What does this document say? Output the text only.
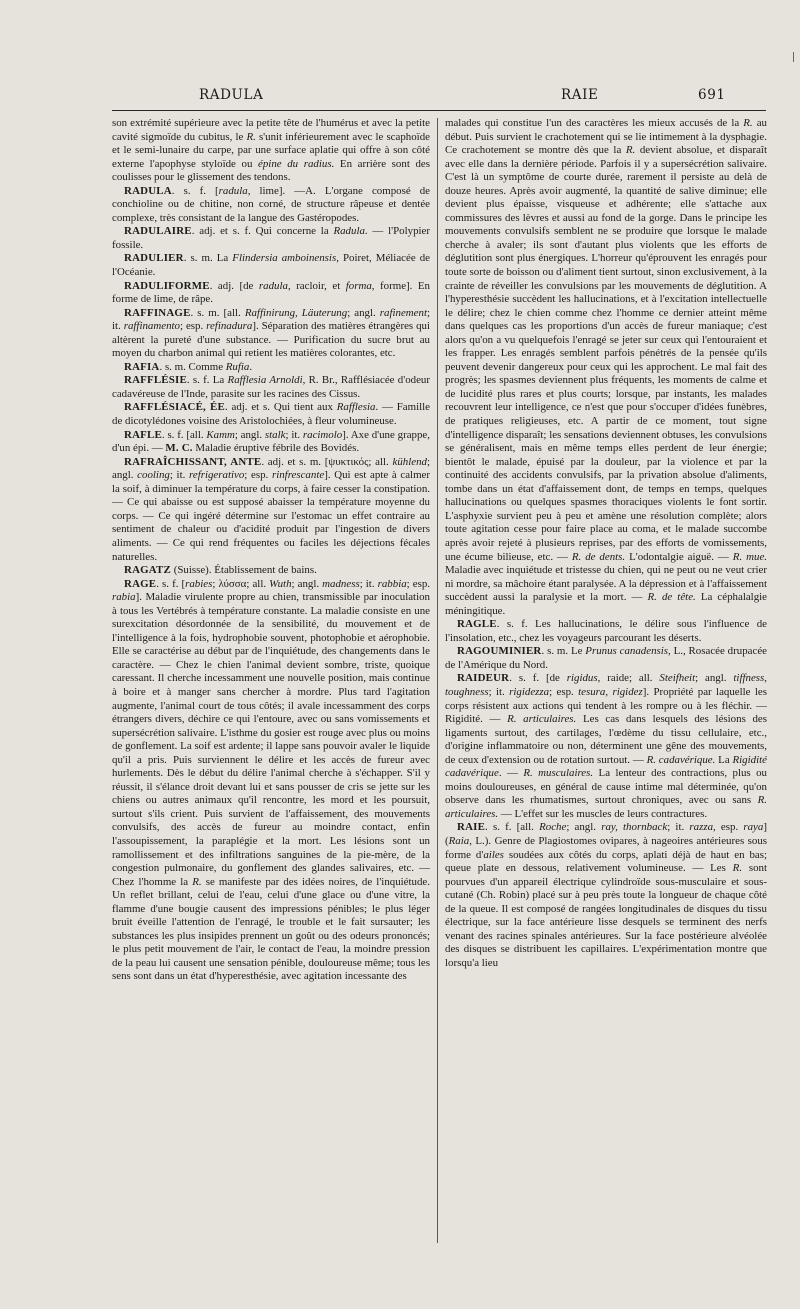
RADULA	RAIE	691

son extrémité supérieure avec la petite tête de l'humérus et avec la petite cavité sigmoïde du cubitus, le R. s'unit inférieurement avec le scaphoïde et le semi-lunaire du carpe, par une surface aplatie qui offre à son côté externe l'apophyse styloïde ou épine du radius. En arrière sont des coulisses pour le glissement des tendons.

RADULA. s. f. [radula, lime]. —A. L'organe composé de conchioline ou de chitine, non corné, de structure râpeuse et dentée complexe, très consistant de la langue des Gastéropodes.

RADULAIRE. adj. et s. f. Qui concerne la Radula. — l'Polypier fossile.

RADULIER. s. m. La Flindersia amboinensis, Poiret, Méliacée de l'Océanie.

RADULIFORME. adj. [de radula, racloir, et forma, forme]. En forme de lime, de râpe.

RAFFINAGE. s. m. [all. Raffinirung, Läuterung; angl. rafinement; it. raffinamento; esp. refinadura]. Séparation des matières étrangères qui altèrent la pureté d'une substance. — Purification du sucre brut au moyen du charbon animal qui retient les matières colorantes, etc.

RAFIA. s. m. Comme Rufia.

RAFFLÉSIE. s. f. La Rafflesia Arnoldi, R. Br., Rafflésiacée d'odeur cadavéreuse de l'Inde, parasite sur les racines des Cissus.

RAFFLÉSIACÉ, ÉE. adj. et s. Qui tient aux Rafflesia. — Famille de dicotylédones voisine des Aristolochiées, à fleur volumineuse.

RAFLE. s. f. [all. Kamm; angl. stalk; it. racimolo]. Axe d'une grappe, d'un épi. — M. C. Maladie éruptive fébrile des Bovidés.

RAFRAÎCHISSANT, ANTE. adj. et s. m. [ψυκτικός; all. kühlend; angl. cooling; it. refrigerativo; esp. rinfrescante]. Qui est apte à calmer la soif, à diminuer la température du corps, à faire cesser la constipation. — Ce qui abaisse ou est supposé abaisser la température moyenne du corps. — Ce qui ingéré détermine sur l'estomac un effet contraire au sentiment de chaleur ou d'acidité produit par l'ingestion de divers aliments. — Ce qui rend fréquentes ou faciles les déjections fécales naturelles.

RAGATZ (Suisse). Établissement de bains.

RAGE. s. f. [rabies; λύσσα; all. Wuth; angl. madness; it. rabbia; esp. rabia]. Maladie virulente propre au chien, transmissible par inoculation à tous les Vertébrés à température constante. La maladie consiste en une surexcitation désordonnée de la sensibilité, du mouvement et de l'intelligence à la fois, hydrophobie souvent, photophobie et aérophobie. Elle se caractérise au début par de l'inquiétude, des changements dans le caractère. — Chez le chien l'animal devient sombre, triste, quoique caressant. Il cherche incessamment une nouvelle position, mais continue à boire et à manger sans chercher à mordre. Plus tard l'agitation augmente, l'animal court de tous côtés; il avale incessamment des corps étrangers divers, déchire ce qui l'entoure, avec ou sans vomissements et supersécrétion salivaire. L'isthme du gosier est rouge avec plus ou moins de gonflement. La soif est ardente; il lappe sans pouvoir avaler le liquide qu'il a pris. Puis surviennent le délire et les accès de fureur avec hurlements. Dès le début du délire l'animal cherche à s'échapper. S'il y réussit, il s'élance droit devant lui et sans pousser de cris se jette sur les chiens ou autres animaux qu'il rencontre, les mord et les poursuit, surtout s'ils crient. Puis survient de l'affaissement, des mouvements convulsifs, des accès de fureur au moindre contact, enfin l'assoupissement, la paraplégie et la mort. Les lésions sont un ramollissement et des infiltrations sanguines de la pie-mère, de la congestion pulmonaire, du gonflement des glandes salivaires, etc. — Chez l'homme la R. se manifeste par des idées noires, de l'inquiétude. Un reflet brillant, celui de l'eau, celui d'une glace ou d'une vitre, la flamme d'une bougie causent des impressions pénibles; le plus léger bruit éveille l'attention de l'enragé, le trouble et le fait sursauter; les substances les plus insipides prennent un goût ou des odeurs prononcés; le plus petit mouvement de l'air, le contact de l'eau, la moindre pression de la peau lui causent une sensation pénible, douloureuse même; tous les sens sont dans un état d'hyperesthésie, avec agitation incessante des

malades qui constitue l'un des caractères les mieux accusés de la R. au début. Puis survient le crachotement qui se lie intimement à la dysphagie. Ce crachotement se montre dès que la R. devient absolue, et disparaît avec elle dans la dernière période. Parfois il y a supersécrétion salivaire. C'est là un symptôme de courte durée, rarement il persiste au delà de douze heures. Après avoir augmenté, la quantité de salive diminue; elle devient plus épaisse, visqueuse et adhérente; elle s'attache aux commissures des lèvres et aussi au fond de la gorge. Dans le principe les mouvements convulsifs semblent ne se produire que lorsque le malade cherche à avaler; ils sont d'autant plus violents que les efforts de déglutition sont plus énergiques. L'horreur qu'éprouvent les enragés pour toute sorte de boisson ou d'aliment tient surtout, sinon exclusivement, à la crainte de réveiller les convulsions par les mouvements de déglutition. A l'hyperesthésie succèdent les hallucinations, et à l'excitation intellectuelle le délire; chez le chien comme chez l'homme ce dernier atteint même dans quelques cas les proportions d'un accès de fureur maniaque; c'est alors qu'on a vu quelquefois l'enragé se jeter sur ceux qui l'entouraient et les frapper. Les enragés semblent parfois pénétrés de la pensée qu'ils peuvent devenir dangereux pour ceux qui les approchent. Le mal fait des progrès; les spasmes deviennent plus fréquents, les moments de calme et de lucidité plus rares et plus courts; lorsque, par instants, les malades recouvrent leur intelligence, ce n'est que pour s'occuper d'idées funèbres, de pratiques religieuses, etc. A partir de ce moment, tout signe d'intelligence disparaît; les sensations deviennent obtuses, les convulsions se généralisent, mais en même temps elles perdent de leur énergie; bientôt le malade, épuisé par la douleur, par la violence et par la continuité des accidents convulsifs, par la privation absolue d'aliments, tombe dans un état d'affaissement dont, de temps en temps, quelques hallucinations ou quelques spasmes thoraciques violents le font sortir. L'asphyxie survient peu à peu et amène une résolution complète; alors toute agitation cesse pour faire place au coma, et le malade succombe après avoir rejeté à plusieurs reprises, par des efforts de vomissements, une écume bilieuse, etc. — R. de dents. L'odontalgie aiguë. — R. mue. Maladie avec inquiétude et tristesse du chien, qui ne peut ou ne veut crier ni mordre, sa mâchoire étant paralysée. A la dépression et à l'affaissement succèdent aussi la paralysie et la mort. — R. de tête. La céphalalgie méningitique.

RAGLE. s. f. Les hallucinations, le délire sous l'influence de l'insolation, etc., chez les voyageurs parcourant les déserts.

RAGOUMINIER. s. m. Le Prunus canadensis, L., Rosacée drupacée de l'Amérique du Nord.

RAIDEUR. s. f. [de rigidus, raide; all. Steifheit; angl. tiffness, toughness; it. rigidezza; esp. tesura, rigidez]. Propriété par laquelle les corps résistent aux actions qui tendent à les rompre ou à les fléchir. — Rigidité. — R. articulaires. Les cas dans lesquels des lésions des ligaments surtout, des cartilages, l'œdème du tissu cellulaire, etc., d'origine inflammatoire ou non, déterminent une gêne des mouvements, de ceux d'extension ou de rotation surtout. — R. cadavérique. La Rigidité cadavérique. — R. musculaires. La lenteur des contractions, plus ou moins douloureuses, en général de cause intime mal déterminée, qu'on observe dans les rhumatismes, surtout chroniques, avec ou sans R. articulaires. — L'effet sur les muscles de leurs contractures.

RAIE. s. f. [all. Roche; angl. ray, thornback; it. razza, esp. raya] (Raia, L.). Genre de Plagiostomes ovipares, à nageoires antérieures sous forme d'ailes soudées aux côtés du corps, aplati déjà de haut en bas; queue plate en dessous, relativement volumineuse. — Les R. sont pourvues d'un appareil électrique cylindroïde sous-musculaire et sous-cutané (Ch. Robin) placé sur à peu près toute la longueur de chaque côté de la queue. Il est composé de rangées longitudinales de disques du tissu électrique, sur la face antérieure lisse desquels se terminent des nerfs venant des racines spinales antérieures. Sur la face postérieure alvéolée des disques se distribuent les capillaires. L'expérimentation montre que lorsqu'a lieu
